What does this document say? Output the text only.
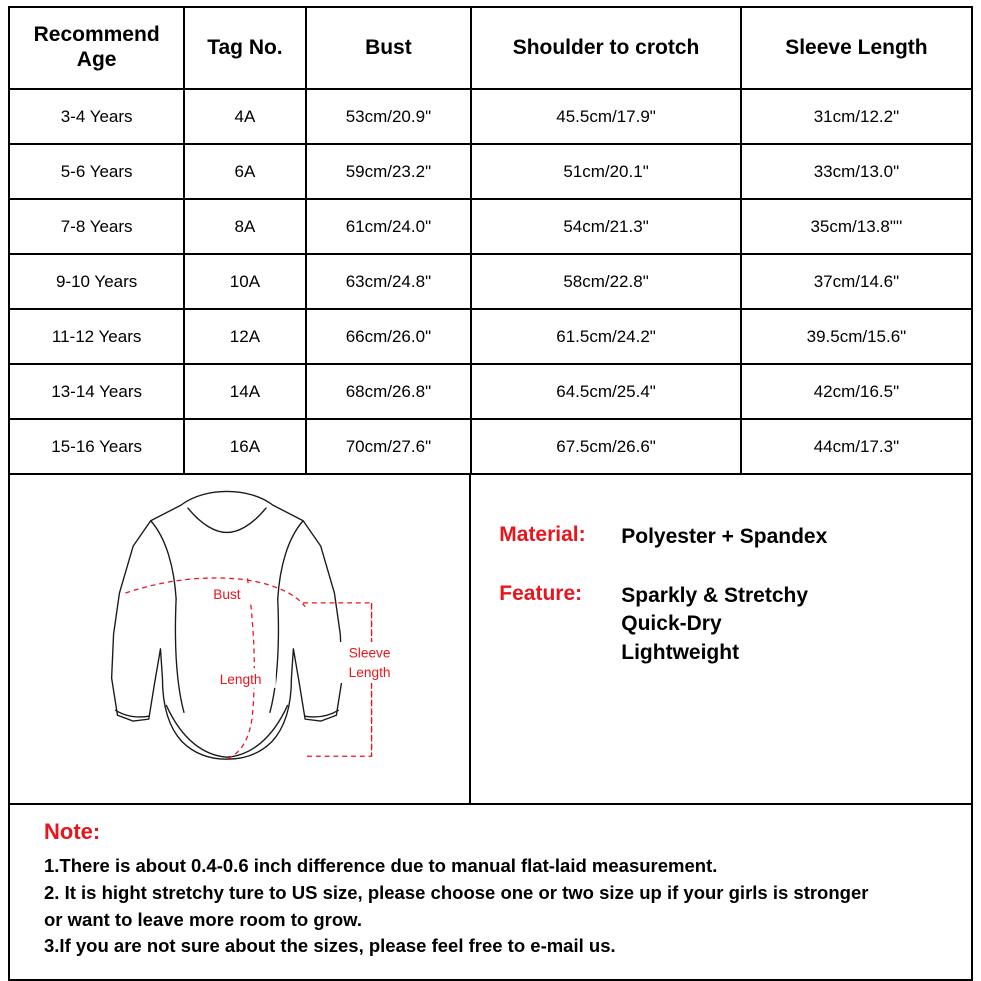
Recommend Age	Tag No.	Bust	Shoulder to crotch	Sleeve Length
3-4 Years	4A	53cm/20.9"	45.5cm/17.9"	31cm/12.2"
5-6 Years	6A	59cm/23.2"	51cm/20.1"	33cm/13.0"
7-8 Years	8A	61cm/24.0"	54cm/21.3"	35cm/13.8"''
9-10 Years	10A	63cm/24.8"	58cm/22.8"	37cm/14.6"
11-12 Years	12A	66cm/26.0"	61.5cm/24.2"	39.5cm/15.6"
13-14 Years	14A	68cm/26.8"	64.5cm/25.4"	42cm/16.5"
15-16 Years	16A	70cm/27.6"	67.5cm/26.6"	44cm/17.3"
Bust
Length
Sleeve
Length
Material:	Polyester + Spandex
Feature:	Sparkly & Stretchy
Quick-Dry
Lightweight
Note:
1.There is about 0.4-0.6 inch difference due to manual flat-laid measurement.
2. It is hight stretchy ture to US size, please choose one or two size up if your girls is stronger
or want to leave more room to grow.
3.If you are not sure about the sizes, please feel free to e-mail us.
